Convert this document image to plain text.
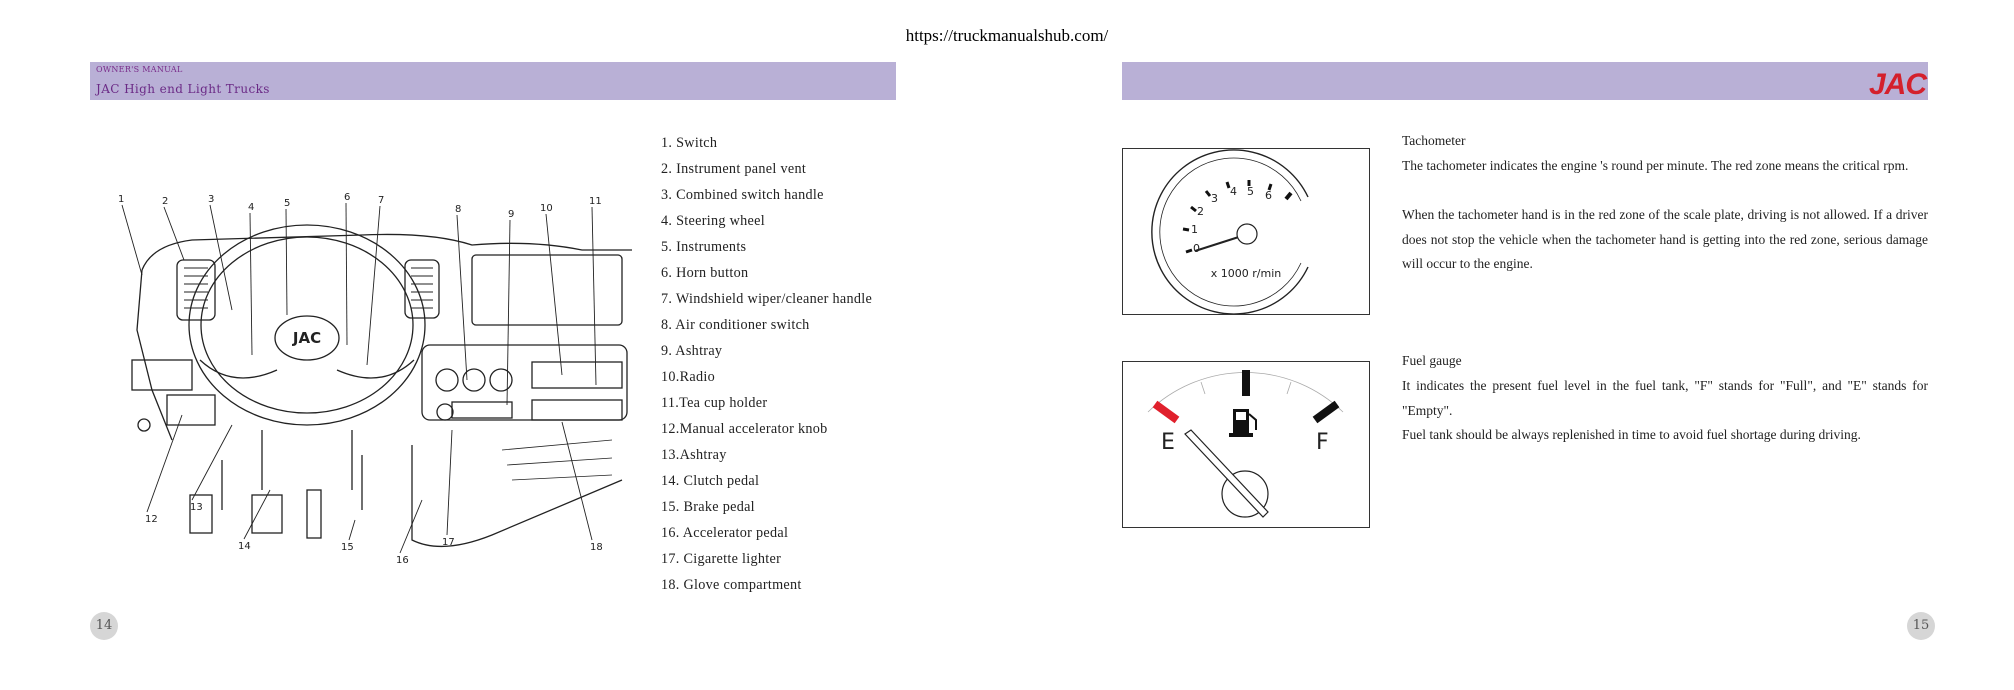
https://truckmanualshub.com/
OWNER'S MANUAL
JAC High end Light Trucks
JAC
1	2	3
4	5
6	7
8	9
10
11
12
13
14	15
16
17	18
1. Switch
2. Instrument panel vent
3. Combined switch handle
4. Steering wheel
5. Instruments
6. Horn button
7. Windshield wiper/cleaner handle
8. Air conditioner switch
9. Ashtray
10.Radio
11.Tea cup holder
12.Manual accelerator knob
13.Ashtray
14. Clutch pedal
15. Brake pedal
16. Accelerator pedal
17. Cigarette lighter
18. Glove compartment
14
JAC
0
1
2
3
4 5 6
x 1000 r/min
E	F
Tachometer

The tachometer indicates the engine 's round per minute. The red zone means the critical rpm.

When the tachometer hand is in the red zone of the scale plate, driving is not allowed. If a driver does not stop the vehicle when the tachometer hand is getting into the red zone, serious damage will occur to the engine.

Fuel gauge

It indicates the present fuel level in the fuel tank, "F" stands for "Full", and "E" stands for "Empty".

Fuel tank should be always replenished in time to avoid fuel shortage during driving.

15
